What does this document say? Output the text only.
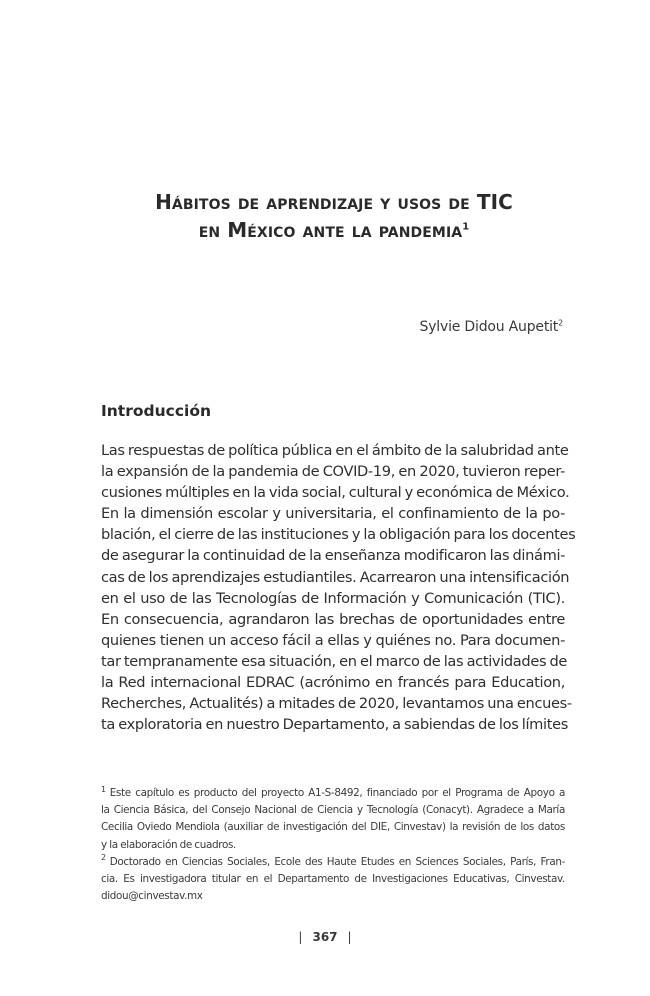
Hábitos de aprendizaje y usos de TIC
en México ante la pandemia$^1$
Sylvie Didou Aupetit$^2$
Introducción
Las respuestas de política pública en el ámbito de la salubridad ante
la expansión de la pandemia de COVID-19, en 2020, tuvieron reper-
cusiones múltiples en la vida social, cultural y económica de México.
En la dimensión escolar y universitaria, el confinamiento de la po-
blación, el cierre de las instituciones y la obligación para los docentes
de asegurar la continuidad de la enseñanza modificaron las dinámi-
cas de los aprendizajes estudiantiles. Acarrearon una intensificación
en el uso de las Tecnologías de Información y Comunicación (TIC).
En consecuencia, agrandaron las brechas de oportunidades entre
quienes tienen un acceso fácil a ellas y quiénes no. Para documen-
tar tempranamente esa situación, en el marco de las actividades de
la Red internacional EDRAC (acrónimo en francés para Education,
Recherches, Actualités) a mitades de 2020, levantamos una encues-
ta exploratoria en nuestro Departamento, a sabiendas de los límites
$^1$ Este capítulo es producto del proyecto A1-S-8492, financiado por el Programa de Apoyo a
la Ciencia Básica, del Consejo Nacional de Ciencia y Tecnología (Conacyt). Agradece a María
Cecilia Oviedo Mendiola (auxiliar de investigación del DIE, Cinvestav) la revisión de los datos
y la elaboración de cuadros.
$^2$ Doctorado en Ciencias Sociales, Ecole des Haute Etudes en Sciences Sociales, París, Fran-
cia. Es investigadora titular en el Departamento de Investigaciones Educativas, Cinvestav.
didou@cinvestav.mx
| 367 |
